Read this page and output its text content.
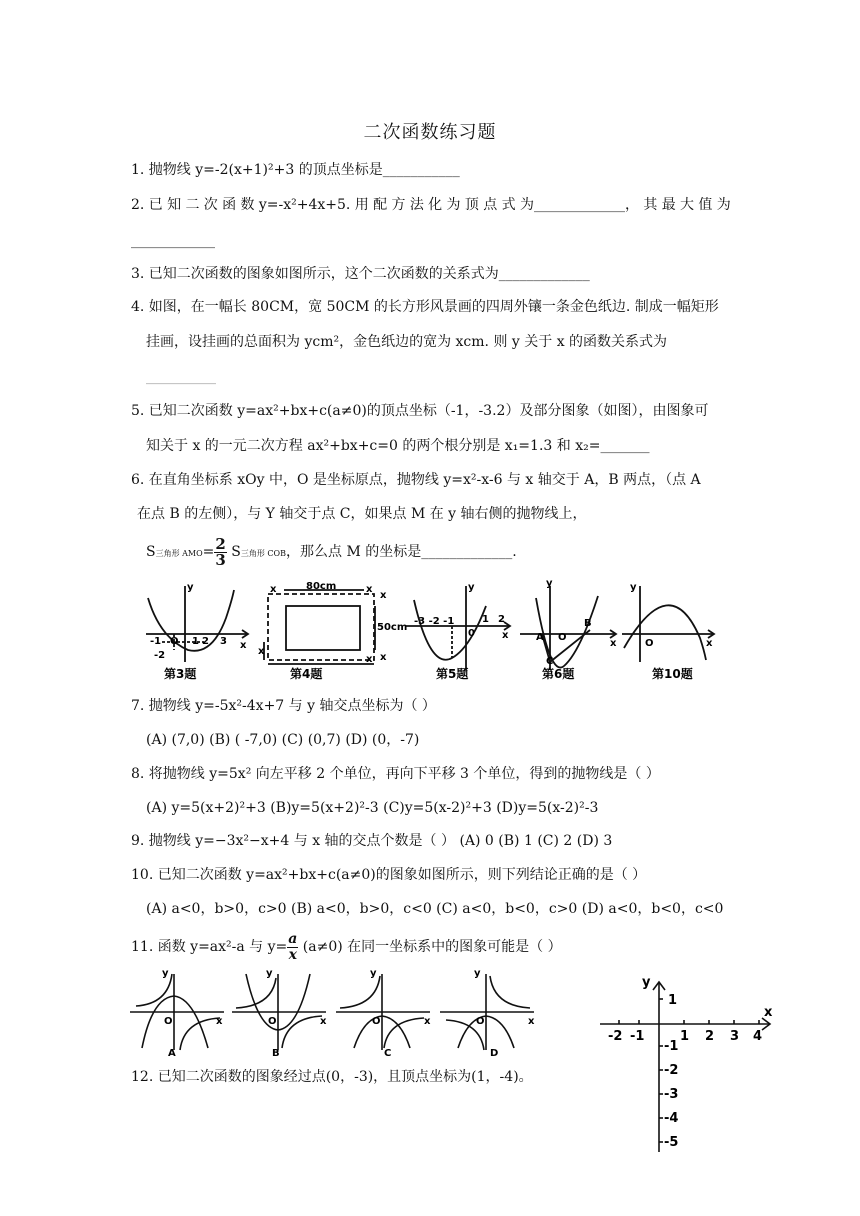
二次函数练习题
1. 抛物线 y=-2(x+1)²+3 的顶点坐标是___________
2. 已 知 二 次 函 数 y=-x²+4x+5. 用 配 方 法 化 为 顶 点 式 为_____________， 其 最 大 值 为
____________
3. 已知二次函数的图象如图所示，这个二次函数的关系式为_____________
4. 如图，在一幅长 80CM，宽 50CM 的长方形风景画的四周外镶一条金色纸边. 制成一幅矩形
挂画，设挂画的总面积为 ycm²，金色纸边的宽为 xcm. 则 y 关于 x 的函数关系式为
__________
5. 已知二次函数 y=ax²+bx+c(a≠0)的顶点坐标（-1，-3.2）及部分图象（如图），由图象可
知关于 x 的一元二次方程 ax²+bx+c=0 的两个根分别是 x₁=1.3 和 x₂=_______
6. 在直角坐标系 xOy 中，O 是坐标原点，抛物线 y=x²-x-6 与 x 轴交于 A，B 两点，（点 A
在点 B 的左侧），与 Y 轴交于点 C，如果点 M 在 y 轴右侧的抛物线上，
S三角形 $AMO= \frac{2}{3}$ S三角形 COB，那么点 M 的坐标是_____________.
y
x
-1 O 1 2 3
-2
第3题
80cm
50cm
x	x
x
x
x
x
第4题
y
x
-3 -2 -1
0
1 2
第5题
y
x
A O
B
C
第6题
y
x
O
第10题
7. 抛物线 y=-5x²-4x+7 与 y 轴交点坐标为（ ）
(A) (7,0) (B) ( -7,0) (C) (0,7) (D) (0，-7)
8. 将抛物线 y=5x² 向左平移 2 个单位，再向下平移 3 个单位，得到的抛物线是（ ）
(A) y=5(x+2)²+3 (B)y=5(x+2)²-3 (C)y=5(x-2)²+3 (D)y=5(x-2)²-3
9. 抛物线 y=−3x²−x+4 与 x 轴的交点个数是（ ） (A) 0 (B) 1 (C) 2 (D) 3
10. 已知二次函数 y=ax²+bx+c(a≠0)的图象如图所示，则下列结论正确的是（ ）
(A) a<0，b>0，c>0 (B) a<0，b>0，c<0 (C) a<0，b<0，c>0 (D) a<0，b<0，c<0
11. 函数 y=ax²-a 与 $y= \frac{a}{x} (a\ne 0)$ 在同一坐标系中的图象可能是（ ）
y
x
O
A
y
x
O
B
y
x
O
C
y
x
O
D
12. 已知二次函数的图象经过点(0，-3)，且顶点坐标为(1，-4)。
y
x
-2 -1	1 2 3 4
1
-1
-2
-3
-4
-5
